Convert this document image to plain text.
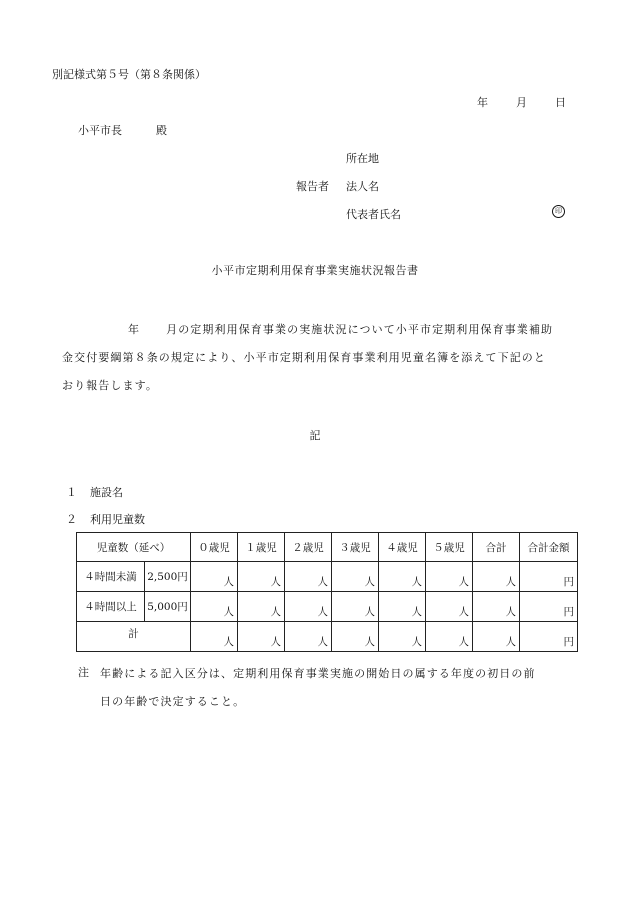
別記様式第５号（第８条関係）
年	月	日
小平市長	殿
所在地
報告者 法人名
代表者氏名	印
小平市定期利用保育事業実施状況報告書

年 月の定期利用保育事業の実施状況について小平市定期利用保育事業補助
金交付要綱第８条の規定により、小平市定期利用保育事業利用児童名簿を添えて下記のと
おり報告します。

記
１ 施設名
２ 利用児童数
児童数（延べ）		０歳児	１歳児	２歳児	３歳児	４歳児	５歳児	合計	合計金額
４時間未満	2,500円	人	人	人	人	人	人	人	円
４時間以上	5,000円	人	人	人	人	人	人	人	円
計		人	人	人	人	人	人	人	円
注 年齢による記入区分は、定期利用保育事業実施の開始日の属する年度の初日の前
日の年齢で決定すること。
